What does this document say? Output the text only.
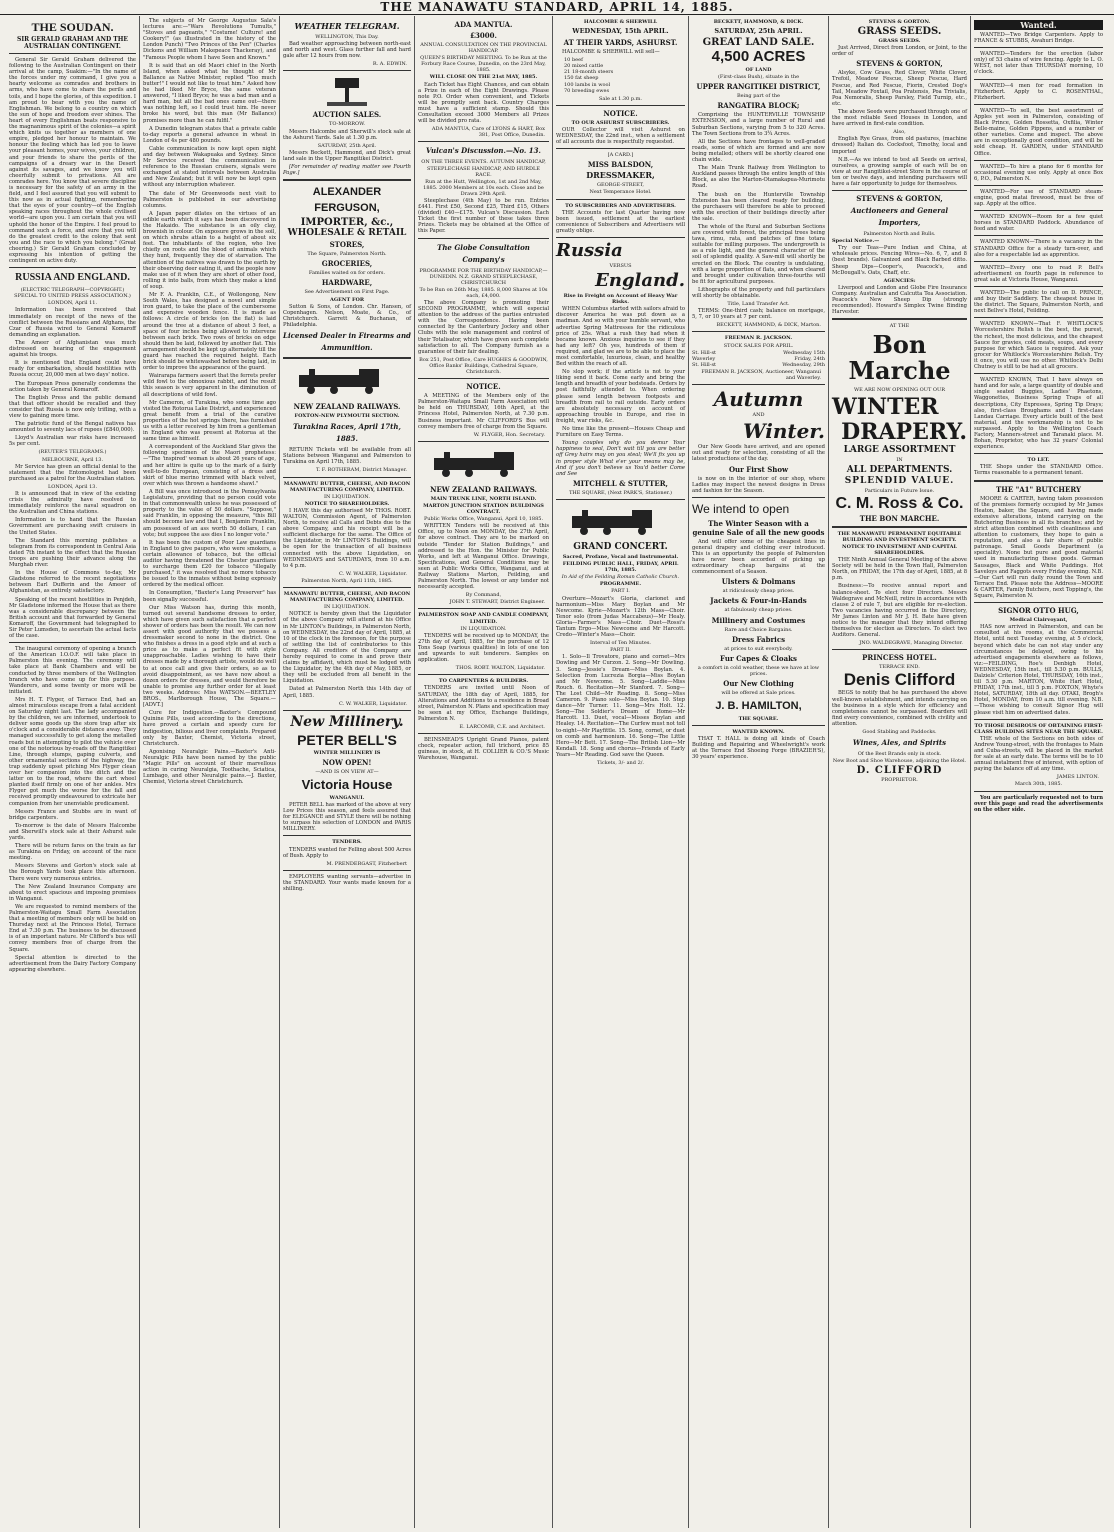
THE MANAWATU STANDARD, APRIL 14, 1885.
THE SOUDAN.
SIR GERALD GRAHAM AND THE AUSTRALIAN CONTINGENT.

General Sir Gerald Graham delivered the following to the Australian Contingent on their arrival at the camp, Suakim:—"In the name of the forces under my command, I give you a hearty welcome as comrades and brothers in arms, who have come to share the perils and toils, and I hope the glories, of this expedition. I am proud to bear with you the name of Englishman. We belong to a country on which the sun of hope and freedom ever shines. The heart of every Englishman beats responsive to the magnanimous spirit of the colonies—a spirit which knits us together as members of one empire, pledged her honour to maintain. We honour the feeling which has led you to leave your pleasant homes, your wives, your children, and your friends to share the perils of the campaigns of a dreary war in the Desert against its savages, and we know you will cheerfully submit to privations. All are comrades here. You know that severe discipline is necessary for the safety of an army in the field, and I feel assured that you will submit to this now as in actual fighting, remembering that the eyes of your country—of the English speaking races throughout the whole civilised world—are upon you. I am certain that you will uphold the honor of the Empire. I feel proud to command such a force, and sure that you will do the greatest credit to the colony that sent you and the race to which you belong." (Great cheering.) Sir Gerald Graham concluded by expressing his intention of getting the contingent on active duty.

RUSSIA AND ENGLAND.
(ELECTRIC TELEGRAPH—COPYRIGHT.) SPECIAL TO UNITED PRESS ASSOCIATION.)
LONDON, April 11.

Information has been received that immediately on receipt of the news of the conflict between the Russians and Afghans, the Czar of Russia wired to General Komaroff demanding an explanation.

The Ameer of Afghanistan was much distressed on hearing of the engagement against his troops.

It is mentioned that England could have ready for embarkation, should hostilities with Russia occur, 20,000 men at two days' notice.

The European Press generally condemns the action taken by General Komaroff.

The English Press and the public demand that that officer should be recalled and they consider that Russia is now only trifling, with a view to gaining more time.

The patriotic fund of the Bengal natives has amounted to seventy lacs of rupees (£840,000).

Lloyd's Australian war risks have increased 5s per cent.

(REUTER'S TELEGRAMS.)
MELBOURNE, April 13.

Mr Service has given an official denial to the statement that the Entomologist had been purchased as a patrol for the Australian station.

LONDON, April 13.

It is announced that in view of the existing crisis the admiralty have resolved to immediately reinforce the naval squadron on the Australian and China stations.

Information is to hand that the Russian Government are purchasing swift cruisers in the United States.

The Standard this morning publishes a telegram from its correspondent in Central Asia dated 7th instant to the effect that the Russian troops are pushing their advance along the Murghab river.

In the House of Commons to-day, Mr Gladstone referred to the recent negotiations between Earl Dufferin and the Ameer of Afghanistan, as entirely satisfactory.

Speaking of the recent hostilities in Penjdeh, Mr Gladstone informed the House that as there was a considerable discrepancy between the British account and that forwarded by General Komaroff, the Government had telegraphed to Sir Peter Lumsden, to ascertain the actual facts of the case.

The inaugural ceremony of opening a branch of the American I.O.O.F. will take place in Palmerston this evening. The ceremony will take place at Bank Chambers and will be conducted by three members of the Wellington branch who have come up for this purpose. Wanderers, and some twenty or more will be initiated.

Mrs H. T. Flyger, of Terrace End, had an almost miraculous escape from a fatal accident on Saturday night last. The lady accompanied by the children, we are informed, undertook to deliver some goods up the store trap after six o'clock and a considerable distance away. They managed successfully to get along the metalled roads but in attempting to pilot the vehicle over one of the notorious by-roads off the Rangitikei Line, through stumps, gaping culverts, and other ornamental sections of the highway, the trap suddenly upset pitching Mrs Flyger clean over her companion into the ditch and the latter on to the road, where the cart wheel planted itself firmly on one of her ankles. Mrs Flyger got much the worse for the fall and received promptly endeavoured to extricate her companion from her unenviable predicament.

Messrs France and Stubbs are in want of bridge carpenters.

To-morrow is the date of Messrs Halcombe and Sherwill's stock sale at their Ashurst sale yards.

There will be return fares on the train as far as Turakina on Friday, on account of the race meeting.

Messrs Stevens and Gorton's stock sale at the Borough Yards took place this afternoon. There were very numerous entries.

The New Zealand Insurance Company are about to erect spacious and imposing premises in Wanganui.

We are requested to remind members of the Palmerston-Waitapu Small Farm Association that a meeting of members only will be held on Thursday next at the Princess Hotel, Terrace End at 7.30 p.m. The business to be discussed is of an important nature. Mr Clifford's bus will convey members free of charge from the Square.

Special attention is directed to the advertisement from the Dairy Factory Company appearing elsewhere.

The subjects of Mr George Augustus Sala's lectures are:—"Wars Revolutions Tumults," "Stoves and pageants," "Costume! Culture! and Cookery!" (as illustrated in the history of the London Punch) "Two Princes of the Pen" (Charles Dickens and William Makepeace Thackeray), and "Famous People whom I have Seen and Known."

It is said that an old Maori chief in the North Island, when asked what he thought of Mr Ballance as Native Minister, replied "Too much butter!" I would not like to treat him." Asked how he had liked Mr Bryce, the same veteran answered, "I liked Bryce; he was a bad man and a hard man, but all the bad ones came out—there was nothing left, so I could trust him. He never broke his word, but this man (Mr Ballance) promises more than he can fulfil."

A Dunedin telegram states that a private cable to-day reports a general advance in wheat in London of 4s per 480 pounds.

Cable communication is now kept open night and day between Wakapuaka and Sydney. Since Mr Service received the communication in reference to the Russian cruisers, signals were exchanged at stated intervals between Australia and New Zealand; but it will now be kept open without any interruption whatever.

The date of Mr Greenwoods next visit to Palmerston is published in our advertising columns.

A Japan paper dilates on the virtues of an edible earth which it says has been discovered in the Hakaido. The substance is an oily clay, brownish in colour. On exposure grows in the soil, on which shrubs attain to a height of about six feet. The inhabitants of the region, who live chiefly on roots and the blood of animals which they hunt, frequently they die of starvation. The attention of the natives was drawn to the earth by their observing deer eating it, and the people now make use of it when they are short of other food, rolling it into balls, from which they make a kind of soup.

Mr F. A. Franklin, C.E., of Wollongong, New South Wales, has designed a novel and simple iron guard, to take the place of the cumbersome and expensive wooden fence. It is made as follows: A circle of bricks (on the flat) is laid around the tree at a distance of about 3 feet, a space of four inches being allowed to intervene between each brick. Two rows of bricks on edge should then be laid, followed by another flat. This arrangement should be kept up alternately till the guard has reached the required height. Each brick should be whitewashed before being laid, in order to improve the appearance of the guard.

Wairarapa farmers assert that the ferrets prefer wild fowl to the obnoxious rabbit, and the result this season is very apparent in the diminution of all descriptions of wild fowl.

Mr Cameron, of Turakina, who some time ago visited the Rotorua Lake District, and experienced great benefit from a trial of the curative properties of the hot springs there, has furnished us with a letter received by him from a gentleman in England who was present at Rotorua at the same time as himself.

A correspondent of the Auckland Star gives the following specimen of the Maori prophetess:—"The 'inspired' woman is about 26 years of age, and her attire is quite up to the mark of a fairly well-to-do European, consisting of a dress and skirt of blue merino trimmed with black velvet, over which was thrown a handsome shawl."

A Bill was once introduced in the Pennsylvania Legislature, providing that no person could vote in that commonwealth unless he was possessed of property to the value of 50 dollars. "Suppose," said Franklin, in opposing the measure, "this Bill should become law and that I, Benjamin Franklin, am possessed of an ass worth 50 dollars, I can vote; but suppose the ass dies I no longer vote."

It has been the custom of Poor Law guardians in England to give paupers, who were smokers, a certain allowance of tobacco, but the official auditor having threatened the Chester guardians to surcharge them £20 for tobacco "illegally purchased," it was resolved that no more tobacco be issued to the inmates without being expressly ordered by the medical officer.

In Consumption, "Baxter's Lung Preserver" has been signally successful.

Our Miss Watson has, during this month, turned out several handsome dresses to order, which have given such satisfaction that a perfect shower of orders has been the result. We can now assert with good authority that we possess a dressmaker second to none in the district. One who finishes a dress in a good style and at such a price as to make a perfect fit with style unapproachable. Ladies wishing to have their dresses made by a thorough artiste, would do well to at once call and give their orders, so as to avoid disappointment, as we have now about a dozen orders for dresses, and would therefore be unable to promise any further order for at least two weeks. Address: Miss WATSON.—BEETLEY BROS., Marlborough House, The Square.—[ADVT.]

Cure for Indigestion.—Baxter's Compound Quinine Pills, used according to the directions, have proved a certain and speedy cure for indigestion, bilious and liver complaints. Prepared only by Baxter, Chemist, Victoria street, Christchurch.

Agonising Neuralgic Pains.—Baxter's Anti-Neuralgic Pills have been named by the public "Magic Pills" on account of their marvellous action in curing Neuralgia, Toothache, Sciatica, Lumbago, and other Neuralgic pains.—J. Baxter, Chemist, Victoria street Christchurch.

WEATHER TELEGRAM.
WELLINGTON, This Day.

Bad weather approaching between north-east and north and west. Glass further fall and hard gale after 12 hours from now.

R. A. EDWIN.
AUCTION SALES.
TO-MORROW.

Messrs Halcombe and Sherwill's stock sale at the Ashurst Yards. Sale at 1.30 p.m.

SATURDAY, 25th April.

Messrs Beckett, Hammond, and Dick's great land sale in the Upper Rangitikei District.

[For remainder of reading matter see Fourth Page.]

ALEXANDER FERGUSON,
IMPORTER, &c.,
WHOLESALE & RETAIL
STORES,
The Square, Palmerston North.
GROCERIES,
Families waited on for orders.
HARDWARE,
See Advertisement on First Page.
AGENT FOR

Sutton & Sons, of London. Chr. Hansen, of Copenhagen. Nelson, Moate, & Co., of Christchurch. Garrett & Buchanan, of Philadelphia.

Licensed Dealer in Firearms and Ammunition.
NEW ZEALAND RAILWAYS.
FOXTON-NEW PLYMOUTH SECTION.
Turakina Races, April 17th, 1885.

RETURN Tickets will be available from all Stations between Wanganui and Palmerston to Turakina on April 17th, 1885.

T. F. ROTHERAM, District Manager.
MANAWATU BUTTER, CHEESE, AND BACON MANUFACTURING COMPANY, LIMITED.
IN LIQUIDATION.
NOTICE TO SHAREHOLDERS.

I HAVE this day authorised Mr THOS. ROBT. WALTON, Commission Agent, of Palmerston North, to receive all Calls and Debts due to the above Company, and his receipt will be a sufficient discharge for the same. The Office of the Liquidator, in Mr LINTON'S Buildings, will be open for the transaction of all business connected with the above Liquidation, on WEDNESDAYS and SATURDAYS, from 10 a.m. to 4 p.m.

C. W. WALKER, Liquidator.
Palmerston North, April 11th, 1885.
MANAWATU BUTTER, CHEESE, AND BACON MANUFACTURING COMPANY, LIMITED.
IN LIQUIDATION.

NOTICE is hereby given that the Liquidator of the above Company will attend at his Office in Mr LINTON's Buildings, in Palmerston North, on WEDNESDAY, the 22nd day of April, 1885, at 10 of the clock in the forenoon, for the purpose of settling the list of contributories to this Company. All creditors of the Company are hereby required to come in and prove their claims by affidavit, which must be lodged with the Liquidator, by the 4th day of May, 1885, or they will be excluded from all benefit in the Liquidation.

Dated at Palmerston North this 14th day of April, 1885.

C. W. WALKER, Liquidator.
New Millinery.
PETER BELL'S
WINTER MILLINERY IS
NOW OPEN!
—AND IS ON VIEW AT—
Victoria House
WANGANUI.

PETER BELL has marked of the above at very Low Prices this season, and feels assured that for ELEGANCE and STYLE there will be nothing to surpass his selection of LONDON and PARIS MILLINERY.

TENDERS.

TENDERS wanted for Felling about 500 Acres of Bush. Apply to

M. PRENDERGAST, Fitzherbert

EMPLOYERS wanting servants—advertise in the STANDARD. Your wants made known for a shilling.

ADA MANTUA.
£3000.
ANNUAL CONSULTATION ON THE PROVINCIAL HANDICAP.
QUEEN'S BIRTHDAY MEETING. To be Run at the Forbury Race Course, Dunedin, on the 23rd May, 1885.
WILL CLOSE ON THE 21st MAY, 1885.

Each Ticket has Eight Chances, and can obtain a Prize in each of the Eight Drawings. Please note P.O. Order when convenient, and Tickets will be promptly sent back. Country Charges must have a sufficient stamp. Should this Consultation exceed 3000 Members all Prizes will be divided pro rata.

ADA MANTUA, Care of LYONS & HART, Box 381, Post Office, Dunedin.
Vulcan's Discussion.—No. 13.
ON THE THREE EVENTS. AUTUMN HANDICAP, STEEPLECHASE HANDICAP, AND HURDLE RACE.
Run at the Hutt, Wellington, 1st and 2nd May, 1885. 2000 Members at 10s each. Close and be Drawn 29th April.

Steeplechase (4th May) to be run. Entries £441. First £50, Second £25, Third £15, Others (divided) £40—£175. Vulcan's Discussion. Each Ticket the first number of these takes three Prizes. Tickets may be obtained at the Office of this Paper.

The Globe Consultation Company's
PROGRAMME FOR THE BIRTHDAY HANDICAP,—DUNEDIN. N.Z. GRAND STEEPLECHASE, CHRISTCHURCH
To be Run on 26th May, 1885. 8,000 Shares at 10s each, £4,000.

The above Company is promoting their SECOND PROGRAMME, which will especial attention to the address of the parties entrusted with the Correspondence. Having been connected by the Canterbury Jockey and other Clubs with the sole management and control of their Totalisator, which have given such complete satisfaction to all. The Company furnish as a guarantee of their fair dealing.

Box 251, Post Office, Care HUGHES & GOODWIN, Office Banks' Buildings, Cathedral Square, Christchurch.
NOTICE.

A MEETING of the Members only of the Palmerston-Waitapu Small Farm Association will be held on THURSDAY, 16th April, at the Princess Hotel, Palmerston North, at 7.30 p.m. Business important. Mr CLIFFORD'S Bus will convey members free of charge from the Square.

W. FLYGER, Hon. Secretary.
NEW ZEALAND RAILWAYS.
MAIN TRUNK LINE, NORTH ISLAND.
MARTON JUNCTION STATION BUILDINGS CONTRACT.
Public Works Office, Wanganui, April 10, 1885.

WRITTEN Tenders will be received at this Office, up to Noon on MONDAY, the 27th April, for above contract. They are to be marked on outside "Tender for Station Buildings," and addressed to the Hon. the Minister for Public Works, and left at Wanganui Office. Drawings, Specifications, and General Conditions may be seen at Public Works Office, Wanganui, and at Railway Stations Marton, Feilding, and Palmerston North. The lowest or any tender not necessarily accepted.

By Command,
JOHN T. STEWART, District Engineer.
PALMERSTON SOAP AND CANDLE COMPANY, LIMITED.
IN LIQUIDATION.

TENDERS will be received up to MONDAY, the 27th day of April, 1885, for the purchase of 12 Tons Soap (various qualities) in lots of one ton and upwards to suit tenderers. Samples on application.

THOS. ROBT. WALTON, Liquidator.
TO CARPENTERS & BUILDERS.

TENDERS are invited until Noon of SATURDAY, the 18th day of April, 1885, for Alterations and Additions to a residence in Broad street, Palmerston N. Plans and specification may be seen at my Office, Exchange Buildings, Palmerston N.

E. LARCOMB, C.E. and Architect.

BEINSMEAD'S Upright Grand Pianos, patent check, repeater action, full trichord, price 85 guineas, in stock, at H. COLLIER & CO.'S Music Warehouse, Wanganui.

HALCOMBE & SHERWILL
WEDNESDAY, 15th APRIL.
AT THEIR YARDS, ASHURST.

HALCOMBE & SHERWILL will sell—

10 beef
20 mixed cattle
21 18-month steers
150 fat sheep
100 lambs in wool
70 breeding ewes
Sale at 1.30 p.m.
NOTICE.
TO OUR ASHURST SUBSCRIBERS.

OUR Collector will visit Ashurst on WEDNESDAY, the 22nd inst., when a settlement of all accounts due is respectfully requested.

[A CARD.]
MISS BALSDON,
DRESSMAKER,
GEORGE-STREET,
Next Temperance Hotel.
TO SUBSCRIBERS AND ADVERTISERS.

THE Accounts for last Quarter having now been issued, settlement at the earliest convenience of Subscribers and Advertisers will greatly oblige.

Russia
VERSUS
England.
Rise in Freight on Account of Heavy War Risks.

WHEN Columbus started with sailors afraid to discover America he was put down as a madman. And so with your humble servant, who advertise Spring Mattresses for the ridiculous price of 25s. What a rush they had when it became known. Anxious inquiries to see if they had any left? Oh yes, hundreds of them if required, and glad we are to be able to place the most comfortable, luxurious, clean, and healthy Bed within the reach of all.

No slop work; if the article is not to your liking send it back. Come early and bring the length and breadth of your bedsteads. Orders by post faithfully attended to. When ordering please send length between footposts and breadth from rail to rail outside. Early orders are absolutely necessary on account of approaching trouble in Europe, and rise in freight, war risks, &c.

No time like the present—Houses Cheap and Furniture on Easy Terms.

Young couples why do you demur Your happiness to seal, Don't wait till you are better off Grey hairs may on you steal; We'll fix you up in proper style What e'er your means may be, And if you don't believe us You'd better Come and See

MITCHELL & STUTTER,
THE SQUARE, (Next PARK'S, Stationer.)
GRAND CONCERT.
Sacred, Profane, Vocal and Instrumental.
FEILDING PUBLIC HALL, FRIDAY, APRIL 17th, 1885.
In Aid of the Feilding Roman Catholic Church.
PROGRAMME.
PART I.

Overture—Mozart's Gloria, clarionet and harmonium—Miss Mary Boylan and Mr Newcome. Kyrie—Mozart's 12th Mass—Choir. Tenor solo (from Judas Maccabeus)—Mr Healy. Gloria—Farmer's Mass—Choir. Duet—Rossi's Tantum Ergo—Miss Newcome and Mr Harcott. Credo—Winter's Mass—Choir.

Interval of Ten Minutes.
PART II.

1. Solo—Il Trovatore, piano and cornet—Mrs Dowling and Mr Curzon. 2. Song—Mr Dowling. 3. Song—Jessie's Dream—Miss Boylan. 4. Selection from Lucrezia Borgia—Miss Boylan and Mr Newcome. 5. Song—Laddie—Miss Rouch. 6. Recitation—Mr Stanford. 7. Song—The Lost Child—Mr Reading. 8. Song—Miss Cameron. 9. Piano solo—Miss Boylan. 10. Step dance—Mr Turner. 11. Song—Mrs Holt. 12. Song—The Soldier's Dream of Home—Mr Harcott. 13. Duet, vocal—Misses Boylan and Healey. 14. Recitation—The Curfew must not toll to-night—Mr Playfittle. 15. Song, cornet, or duet on comb and harmonium. 16. Song—The Little Hero—Mr Bett. 17. Song—The British Lion—Mr Kendall. 18. Song and chorus—Friends of Early Years—Mr Reading. God save the Queen.

Tickets, 3/- and 2/.
BECKETT, HAMMOND, & DICK.
SATURDAY, 25th APRIL.
GREAT LAND SALE.
4,500 ACRES
OF LAND
(First-class Bush), situate in the
UPPER RANGITIKEI DISTRICT,
Being part of the
RANGATIRA BLOCK;

Comprising the HUNTERVILLE TOWNSHIP EXTENSION, and a large number of Rural and Suburban Sections, varying from 5 to 320 Acres. The Town Sections from to 3¾ Acres.

All the Sections have frontages to well-graded roads, some of which are formed and are now being metalled; others will be shortly cleared one chain wide.

The Main Trunk Railway from Wellington to Auckland passes through the entire length of this Block, as also the Marton-Otamakapua-Murimotu Road.

The bush on the Hunterville Township Extension has been cleared ready for building, the purchasers will therefore be able to proceed with the erection of their buildings directly after the sale.

The whole of the Rural and Suburban Sections are covered with forest, the principal trees being tawa, rimu, rata, and patches of fine totara suitable for milling purposes. The undergrowth is as a rule light, and the general character of the soil of splendid quality. A Saw-mill will shortly be erected on the Block. The country is undulating, with a large proportion of flats, and when cleared and brought under cultivation three-fourths will be fit for agricultural purposes.

Lithographs of the property and full particulars will shortly be obtainable.

Title, Land Transfer Act.

TERMS: One-third cash; balance on mortgage, 5, 7, or 10 years at 7 per cent.

BECKETT, HAMMOND, & DICK, Marton.
FREEMAN R. JACKSON.
STOCK SALES FOR APRIL.
St. Hill-st	Wednesday 15th
Waverley	Friday, 24th
St. Hill-st	Wednesday, 29th
FREEMAN R. JACKSON, Auctioneer, Wanganui and Waverley.
Autumn
AND
Winter.

Our New Goods have arrived, and are opened out and ready for selection, consisting of all the latest productions of the day.

Our First Show

is now on in the interior of our shop, where Ladies may inspect the newest designs in Dress and fashion for the Season.

We intend to open
The Winter Season with a genuine Sale of all the new goods

And will offer some of the cheapest lines in general drapery and clothing ever introduced. This is an opportunity the people of Palmerston have never been accorded of picking up extraordinary cheap bargains at the commencement of a Season.

Ulsters & Dolmans
at ridiculously cheap prices.
Jackets & Four-in-Hands
at fabulously cheap prices.
Millinery and Costumes
Rare and Choice Bargains.
Dress Fabrics
at prices to suit everybody.
Fur Capes & Cloaks
a comfort in cold weather, these we have at low prices.
Our New Clothing
will be offered at Sale prices.
J. B. HAMILTON,
THE SQUARE.
WANTED KNOWN.

THAT T. HALL is doing all kinds of Coach Building and Repairing and Wheelwright's work at the Terrace End Shoeing Forge (BRAZIER'S), 30 years' experience.

STEVENS & GORTON.
GRASS SEEDS.
GRASS SEEDS.

Just Arrived, Direct from London, or Joint, to the order of

STEVENS & GORTON,

Alsyke, Cow Grass, Red Clover, White Clover, Trefoil, Meadow Fescue, Sheep Fescue, Hard Fescue, and Red Fescue, Fiorin, Crested Dog's Tail, Meadow Foxtail, Poa Pratensis, Poa Trivialis, Poa Nemoralis, Sheep Parsley, Field Turnip, etc., etc.

The above Seeds were purchased through one of the most reliable Seed Houses in London, and have arrived in first-rate condition.

Also,

English Rye Grass, from old pastures, (machine dressed) Italian do. Cocksfoot, Timothy, local and imported

N.B.—As we intend to test all Seeds on arrival, ourselves, a growing sample of each will be on view at our Rangitikei-street Store in the course of ten or twelve days, and intending purchasers will have a fair opportunity to judge for themselves.

STEVENS & GORTON,
Auctioneers and General Importers,
Palmerston North and Bulls.
Special Notice.—

Try our Teas—Pure Indian and China, at wholesale prices. Fencing Wires—No. 6, 7, and 8 (best brands). Galvanized and Black Barbed ditto. Sheep Dips—Cooper's, Peacock's, and McDougall's. Oats, Chaff, etc.

AGENCIES:

Liverpool and London and Globe Fire Insurance Company. Australian and Calcutta Tea Association. Peacock's New Sheep Dip (strongly recommended). Howard's Simplex Twine Binding Harvester.

AT THE
Bon Marche
WE ARE NOW OPENING OUT OUR
WINTER
DRAPERY.
LARGE ASSORTMENT
IN
ALL DEPARTMENTS.
SPLENDID VALUE.
Particulars in Future Issue.
C. M. Ross & Co.
THE BON MARCHE.
THE MANAWATU PERMANENT EQUITABLE BUILDING AND INVESTMENT SOCIETY.
NOTICE TO INVESTMENT AND CAPITAL SHAREHOLDERS.

THE Ninth Annual General Meeting of the above Society will be held in the Town Hall, Palmerston North, on FRIDAY, the 17th day of April, 1885, at 8 p.m.

Business:—To receive annual report and balance-sheet. To elect four Directors. Messrs Waldegrave and McNeill, retire in accordance with clause 2 of rule 7, but are eligible for re-election. Two vacancies having occurred in the Directory, Mr James Linton and Mr J. H. Bate have given notice to the manager that they intend offering themselves for election as Directors. To elect two Auditors. General.

JNO. WALDEGRAVE, Managing Director.
PRINCESS HOTEL.
TERRACE END.
Denis Clifford

BEGS to notify that he has purchased the above well-known establishment, and intends carrying on the business in a style which for efficiency and completeness cannot be surpassed. Boarders will find every convenience, combined with civility and attention.

Good Stabling and Paddocks.
Wines, Ales, and Spirits
Of the Best Brands only in stock.
New Boot and Shoe Warehouse, adjoining the Hotel.
D. CLIFFORD
PROPRIETOR.
Wanted.

WANTED—Two Bridge Carpenters. Apply to FRANCE & STUBBS, Awahuri Bridge.

WANTED—Tenders for the erection (labor only) of 53 chains of wire fencing. Apply to L. O. WEST, not later than THURSDAY morning, 10 o'clock.

WANTED—4 men for road formation in Fitzherbert. Apply to C. ROSENTHAL, Fitzherbert.

WANTED—To sell, the best assortment of Apples yet seen in Palmerston, consisting of Black Prince, Golden Rossetta, Oxfilia, Winter Belle-maine, Golden Pippens, and a number of other varieties. Come and inspect. The above are in exceptionally good condition, and will be sold cheap. H. GARDEN, under STANDARD Office.

WANTED—To hire a piano for 6 months for occasional evening use only. Apply at once Box 6, P.O., Palmerston N.

WANTED—For use of STANDARD steam-engine, good matai firewood, must be free of sap. Apply at the office.

WANTED KNOWN—Room for a few quiet horses in STANDARD Paddock. Abundance of feed and water.

WANTED KNOWN—There is a vacancy in the STANDARD Office for a steady turn-over, and also for a respectable lad as apprentice.

WANTED—Every one to read P. Bell's advertisement on fourth page in reference to great sale at Victoria House, Wanganui.

WANTED—The public to call on D. PRINCE, and buy their Saddlery. The cheapest house in the district. The Square, Palmerston North, and next Bellve's Hotel, Feilding.

WANTED KNOWN—That F. WHITLOCK'S Worcestershire Relish is the best, the purest, the richest, the most delicious, and the cheapest Sauce for gravies, cold meats, soups, and every purpose for which Sauce is required. Ask your grocer for Whitlock's Worcestershire Relish. Try it once, you will use no other. Whitlock's Delhi Chutney is still to be had at all grocers.

WANTED KNOWN, That I have always on hand and for sale, a large quantity of double and single seated Buggies, Ladies' Phaetons, Waggonettes, Business Spring Traps of all descriptions, City Expresses, Spring Tip Drays; also, first-class Broughams and 1 first-class Landau Carriage. Every article built of the best material, and the workmanship is not to be surpassed. Apply to the Wellington Coach Factory, Manners-street and Taranaki place. M. Bohan, Proprietor, who has 32 years' Colonial experience.

TO LET.

THE Shops under the STANDARD Office. Terms reasonable to a permanent tenant.

THE "A1" BUTCHERY

MOORE & CARTER, having taken possession of the premises formerly occupied by Mr James Heaton, baker, the Square, and having made extensive alterations, intend carrying on the Butchering Business in all its branches; and by strict attention combined with cleanliness and attention to customers, they hope to gain a reputation, and also a fair share of public patronage. Small Goods Department (a speciality). None but pure and good material used in manufacturing these goods. German Sausages, Black and White Puddings. Hot Saveloys and Faggots every Friday evening. N.B.—Our Cart will run daily round the Town and Terrace End. Please note the Address—MOORE & CARTER, Family Butchers, next Topping's, the Square, Palmerston N.

SIGNOR OTTO HUG,
Medical Clairvoyant,

HAS now arrived in Palmerston, and can be consulted at his rooms, at the Commercial Hotel, until next Tuesday evening, at 5 o'clock, beyond which date he can not stay under any circumstances be delayed, owing to his advertised engagements elsewhere as follows, viz:—FEILDING, Roe's Denbigh Hotel, WEDNESDAY, 15th inst., till 5.30 p.m. BULLS, Dalziels' Criterion Hotel, THURSDAY, 16th inst., till 5.30 p.m. MARTON, White Hart Hotel, FRIDAY, 17th inst., till 5 p.m. FOXTON, Whyte's Hotel, SATURDAY, 18th all day. OTAKI, Brogh's Hotel, MONDAY, from 10 a.m. till evening. N.B.—Those wishing to consult Signor Hug will please visit him on advertised dates.

TO THOSE DESIROUS OF OBTAINING FIRST-CLASS BUILDING SITES NEAR THE SQUARE.

THE whole of the Sections on both sides of Andrew Young-street, with the frontages to Main and Cuba-streets, will be placed in the market for sale at an early date. The terms will be to 10 annual instalment free of interest, with option of paying the balance off at any time.

JAMES LINTON.
March 30th, 1885.

You are particularly requested not to turn over this page and read the advertisements on the other side.
